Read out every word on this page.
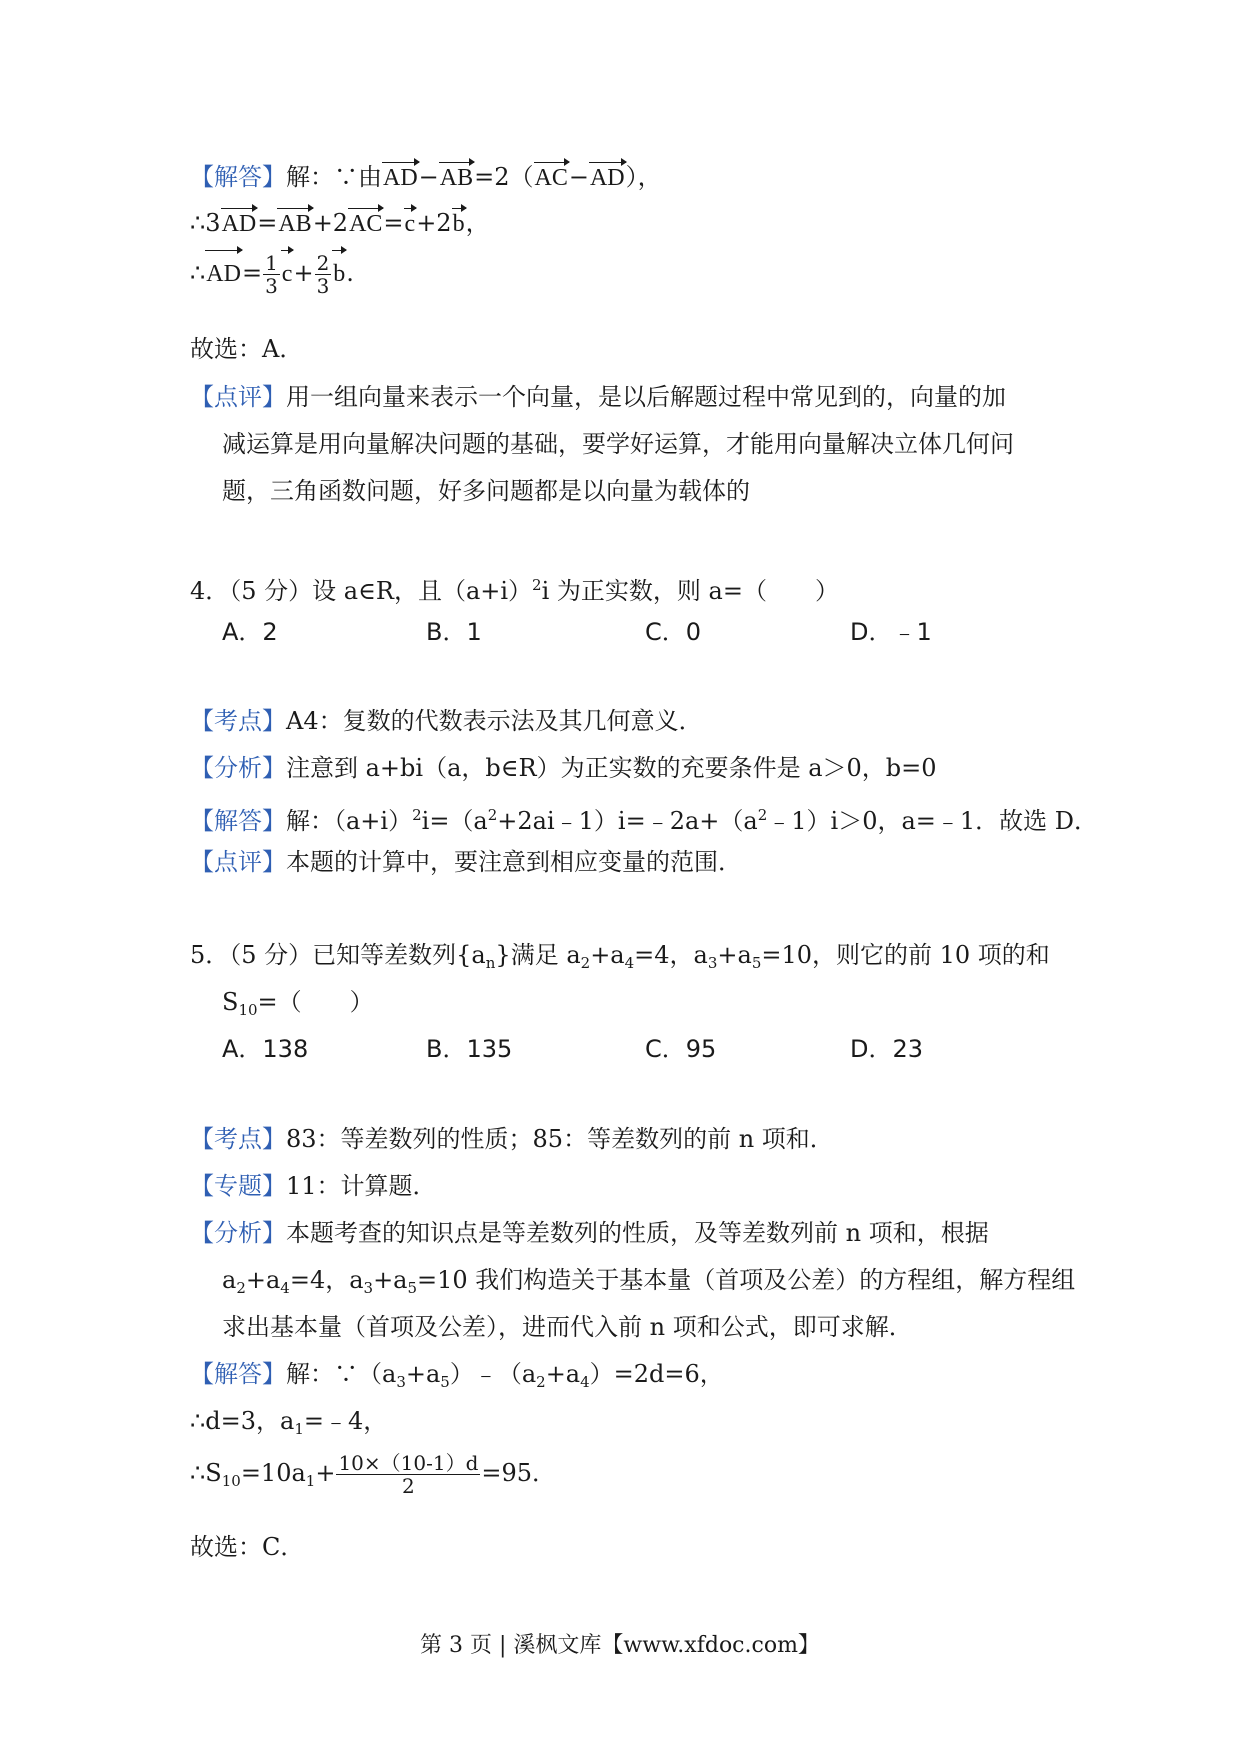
【解答】解：∵由AD−AB=2（AC−AD），
∴3AD=AB+2AC=c+2b，
∴AD= $\frac{1}{3} c+ \frac{2}{3} b$.
故选：A．
【点评】用一组向量来表示一个向量，是以后解题过程中常见到的，向量的加
减运算是用向量解决问题的基础，要学好运算，才能用向量解决立体几何问
题，三角函数问题，好多问题都是以向量为载体的
4．（5 分）设 a∈R，且$(a+i)^2i$ 为正实数，则 a=（　　）
A．2	B．1	C．0	D．﹣1
【考点】A4：复数的代数表示法及其几何意义．
【分析】注意到 a+bi（a，b∈R）为正实数的充要条件是 a＞0，b=0
【解答】解：$(a+i)^2i=(a^2+2ai﹣1)i=﹣2a+(a^2﹣1)i>0$，a=﹣1．故选 D．
【点评】本题的计算中，要注意到相应变量的范围．
5．（5 分）已知等差数列$\{a_n\}$满足 $a_2+a_4=4$，$a_3+a_5=10$，则它的前 10 项的和
$S_{10}=$（　　）
A．138	B．135	C．95	D．23
【考点】83：等差数列的性质；85：等差数列的前 n 项和．
【专题】11：计算题．
【分析】本题考查的知识点是等差数列的性质，及等差数列前 n 项和，根据
$a_2+a_4=4$，$a_3+a_5=10$ 我们构造关于基本量（首项及公差）的方程组，解方程组
求出基本量（首项及公差），进而代入前 n 项和公式，即可求解．
【解答】解：$\because(a_3+a_5)﹣(a_2+a_4)=2d=6$，
∴d=3，$a_1=﹣4$，
$\therefore S_{10}=10a_1+ \frac{10\times(10-1)d}{2} =95$．
故选：C．
第 3 页 | 溪枫文库【www.xfdoc.com】
